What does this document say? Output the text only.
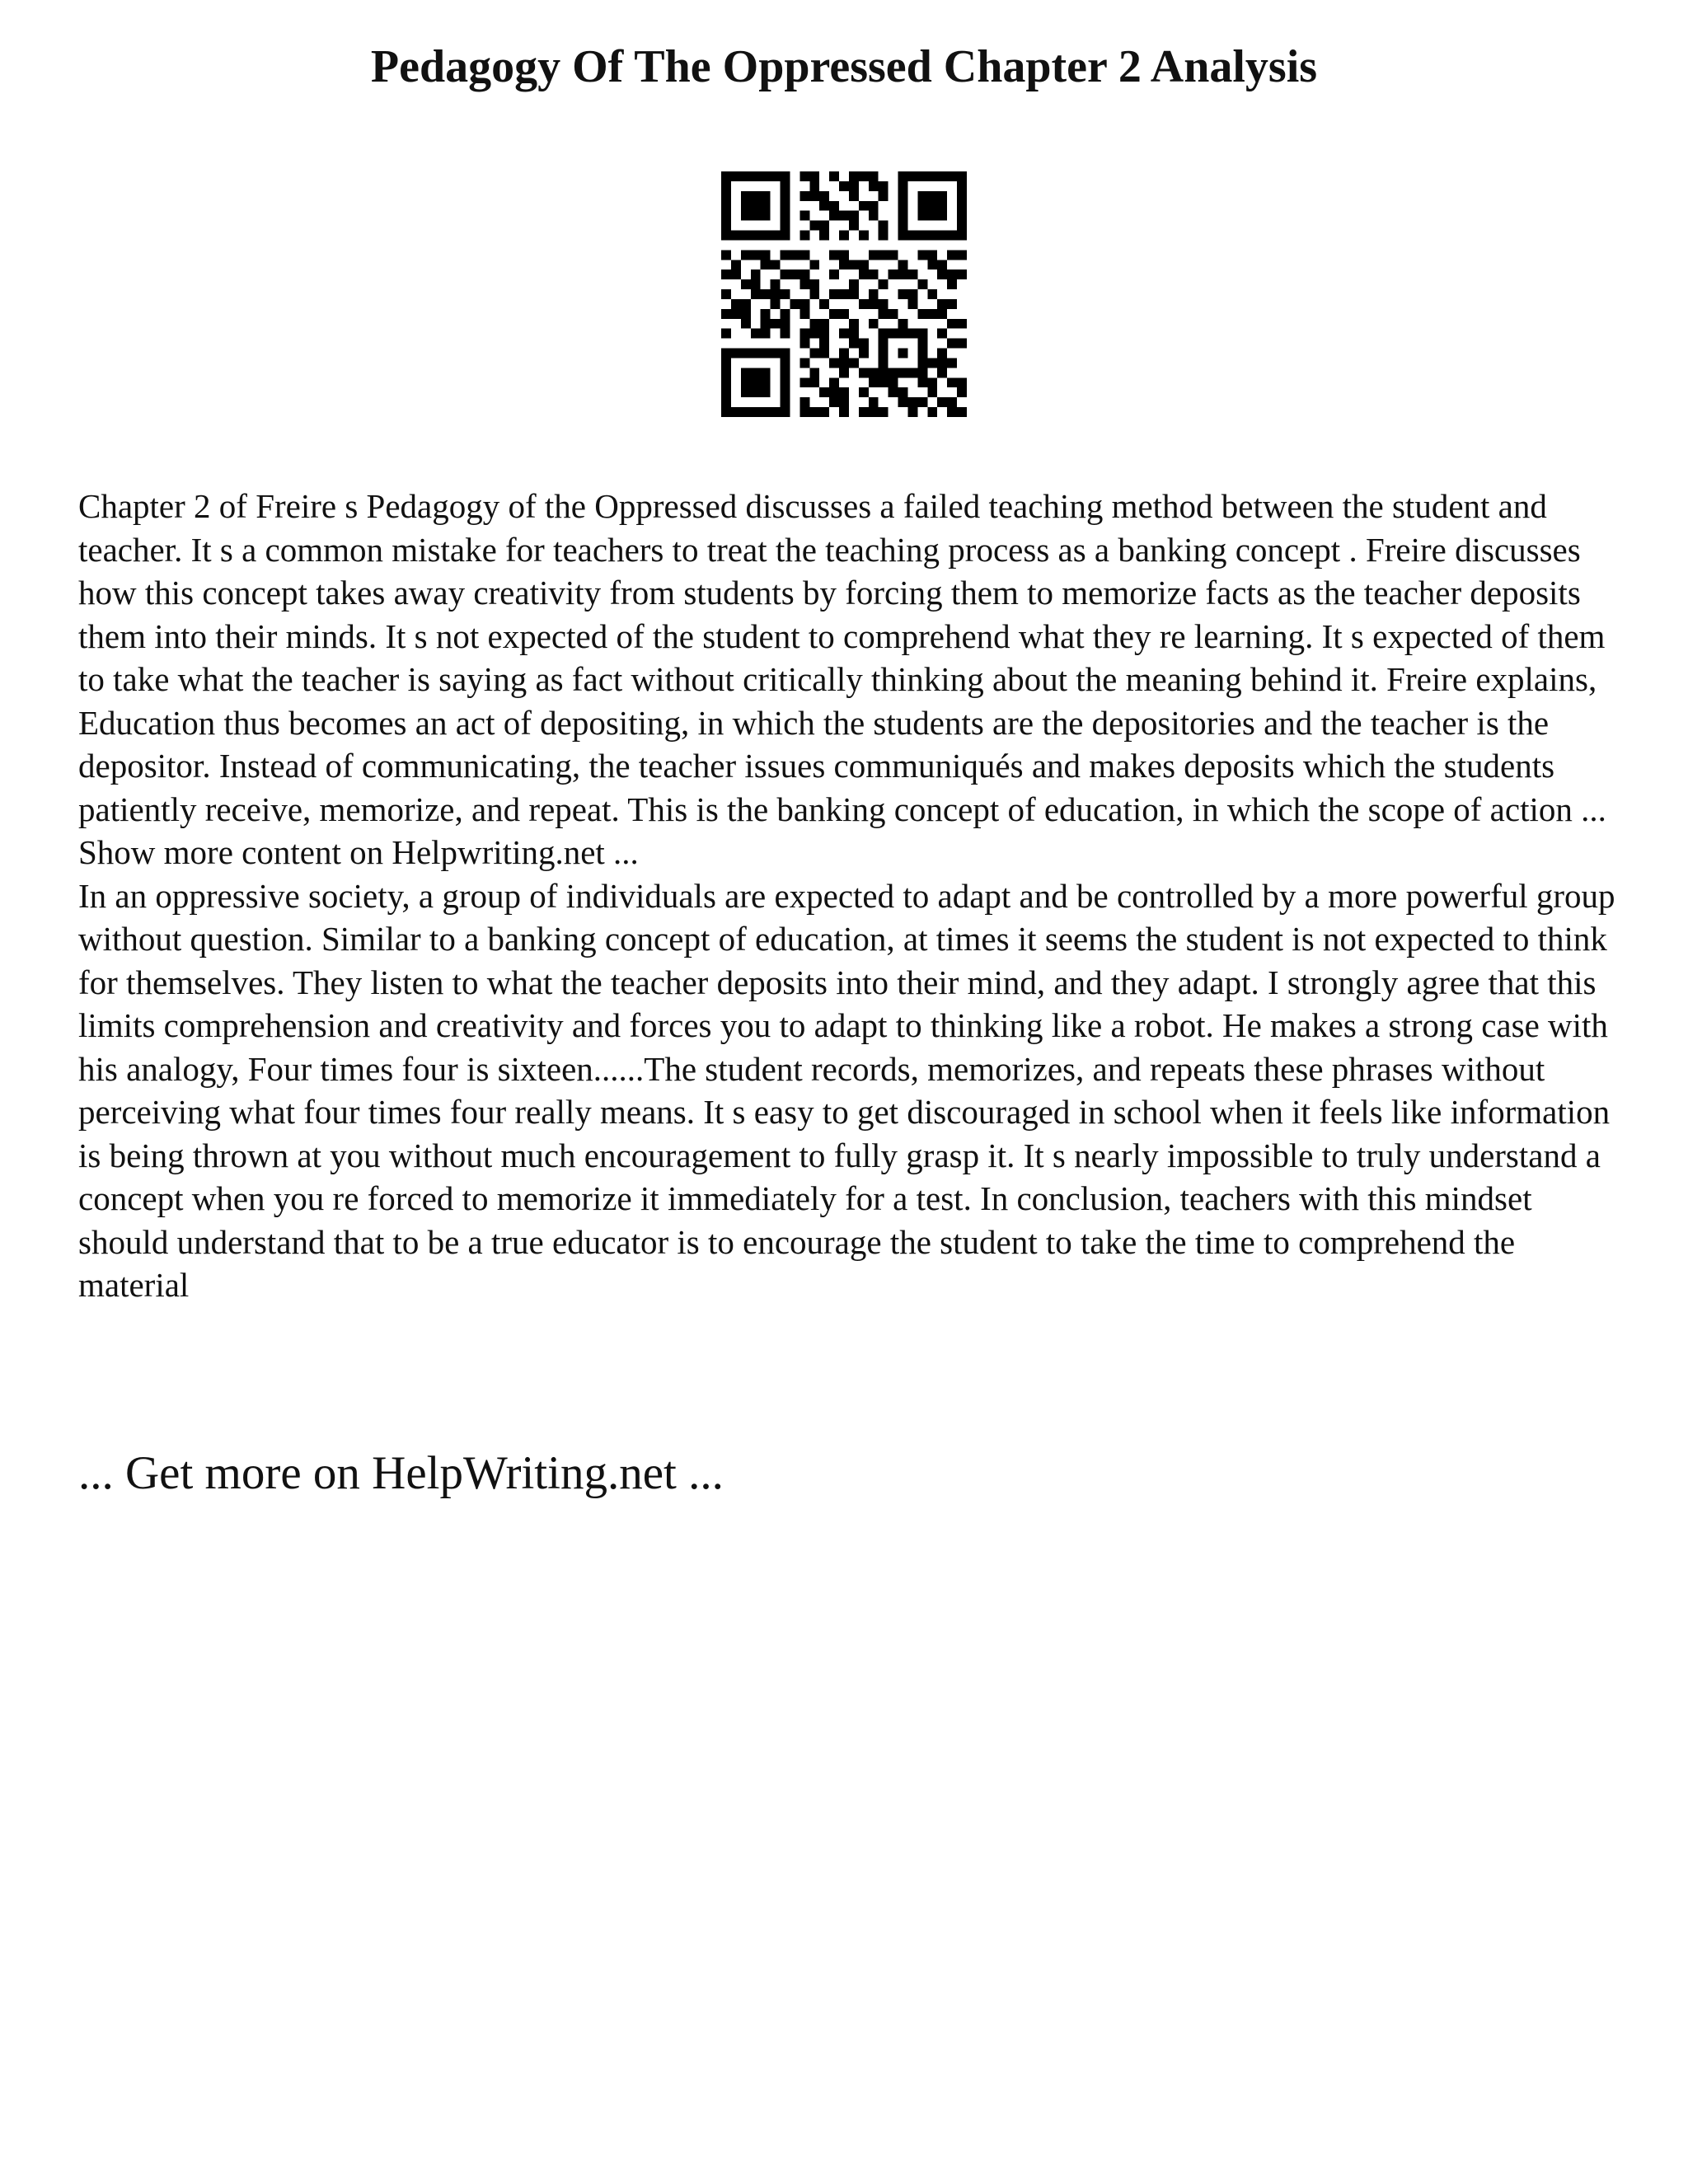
Pedagogy Of The Oppressed Chapter 2 Analysis

Chapter 2 of Freire s Pedagogy of the Oppressed discusses a failed teaching method between the student and teacher. It s a common mistake for teachers to treat the teaching process as a banking concept . Freire discusses how this concept takes away creativity from students by forcing them to memorize facts as the teacher deposits them into their minds. It s not expected of the student to comprehend what they re learning. It s expected of them to take what the teacher is saying as fact without critically thinking about the meaning behind it. Freire explains,

Education thus becomes an act of depositing, in which the students are the depositories and the teacher is the depositor. Instead of communicating, the teacher issues communiqués and makes deposits which the students patiently receive, memorize, and repeat. This is the banking concept of education, in which the scope of action ... Show more content on Helpwriting.net ...

In an oppressive society, a group of individuals are expected to adapt and be controlled by a more powerful group without question. Similar to a banking concept of education, at times it seems the student is not expected to think for themselves. They listen to what the teacher deposits into their mind, and they adapt. I strongly agree that this limits comprehension and creativity and forces you to adapt to thinking like a robot. He makes a strong case with his analogy, Four times four is sixteen......The student records, memorizes, and repeats these phrases without perceiving what four times four really means. It s easy to get discouraged in school when it feels like information is being thrown at you without much encouragement to fully grasp it. It s nearly impossible to truly understand a concept when you re forced to memorize it immediately for a test. In conclusion, teachers with this mindset should understand that to be a true educator is to encourage the student to take the time to comprehend the material

... Get more on HelpWriting.net ...
